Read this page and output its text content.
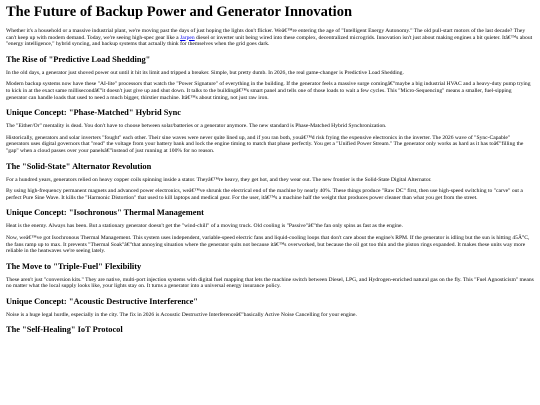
The Future of Backup Power and Generator Innovation

Whether it's a household or a massive industrial plant, we're moving past the days of just hoping the lights don't flicker. Weâ€™re entering the age of "Intelligent Energy Autonomy." The old pull-start motors of the last decade? They can't keep up with modern demand. Today, we're seeing high-spec gear like a Jarpen diesel or inverter unit being wired into these complex, decentralized microgrids. Innovation isn't just about making engines a bit quieter. Itâ€™s about "energy intelligence," hybrid syncing, and backup systems that actually think for themselves when the grid goes dark.

The Rise of "Predictive Load Shedding"

In the old days, a generator just shoved power out until it hit its limit and tripped a breaker. Simple, but pretty dumb. In 2026, the real game-changer is Predictive Load Shedding.

Modern backup systems now have these "AI-lite" processors that watch the "Power Signature" of everything in the building. If the generator feels a massive surge comingâ€”maybe a big industrial HVAC and a heavy-duty pump trying to kick in at the exact same millisecondâ€”it doesn't just give up and shut down. It talks to the buildingâ€™s smart panel and tells one of those loads to wait a few cycles. This "Micro-Sequencing" means a smaller, fuel-sipping generator can handle loads that used to need a much bigger, thirstier machine. Itâ€™s about timing, not just raw iron.

Unique Concept: "Phase-Matched" Hybrid Sync

The "Either/Or" mentality is dead. You don't have to choose between solar/batteries or a generator anymore. The new standard is Phase-Matched Hybrid Synchronization.

Historically, generators and solar inverters "fought" each other. Their sine waves were never quite lined up, and if you ran both, youâ€™d risk frying the expensive electronics in the inverter. The 2026 wave of "Sync-Capable" generators uses digital governors that "read" the voltage from your battery bank and lock the engine timing to match that phase perfectly. You get a "Unified Power Stream." The generator only works as hard as it has toâ€”filling the "gap" when a cloud passes over your panelsâ€”instead of just running at 100% for no reason.

The "Solid-State" Alternator Revolution

For a hundred years, generators relied on heavy copper coils spinning inside a stator. Theyâ€™re heavy, they get hot, and they wear out. The new frontier is the Solid-State Digital Alternator.

By using high-frequency permanent magnets and advanced power electronics, weâ€™ve shrunk the electrical end of the machine by nearly 40%. These things produce "Raw DC" first, then use high-speed switching to "carve" out a perfect Pure Sine Wave. It kills the "Harmonic Distortion" that used to kill laptops and medical gear. For the user, itâ€™s a machine half the weight that produces power cleaner than what you get from the street.

Unique Concept: "Isochronous" Thermal Management

Heat is the enemy. Always has been. But a stationary generator doesn't get the "wind-chill" of a moving truck. Old cooling is "Passive"â€”the fan only spins as fast as the engine.

Now, weâ€™ve got Isochronous Thermal Management. This system uses independent, variable-speed electric fans and liquid-cooling loops that don't care about the engine's RPM. If the generator is idling but the sun is hitting 45Â°C, the fans ramp up to max. It prevents "Thermal Soak"â€”that annoying situation where the generator quits not because itâ€™s overworked, but because the oil got too thin and the piston rings expanded. It makes these units way more reliable in the heatwaves we're seeing lately.

The Move to "Triple-Fuel" Flexibility

These aren't just "conversion kits." They are native, multi-port injection systems with digital fuel mapping that lets the machine switch between Diesel, LPG, and Hydrogen-enriched natural gas on the fly. This "Fuel Agnosticism" means no matter what the local supply looks like, your lights stay on. It turns a generator into a universal energy insurance policy.

Unique Concept: "Acoustic Destructive Interference"

Noise is a huge legal hurdle, especially in the city. The fix in 2026 is Acoustic Destructive Interferenceâ€”basically Active Noise Cancelling for your engine.

The "Self-Healing" IoT Protocol
